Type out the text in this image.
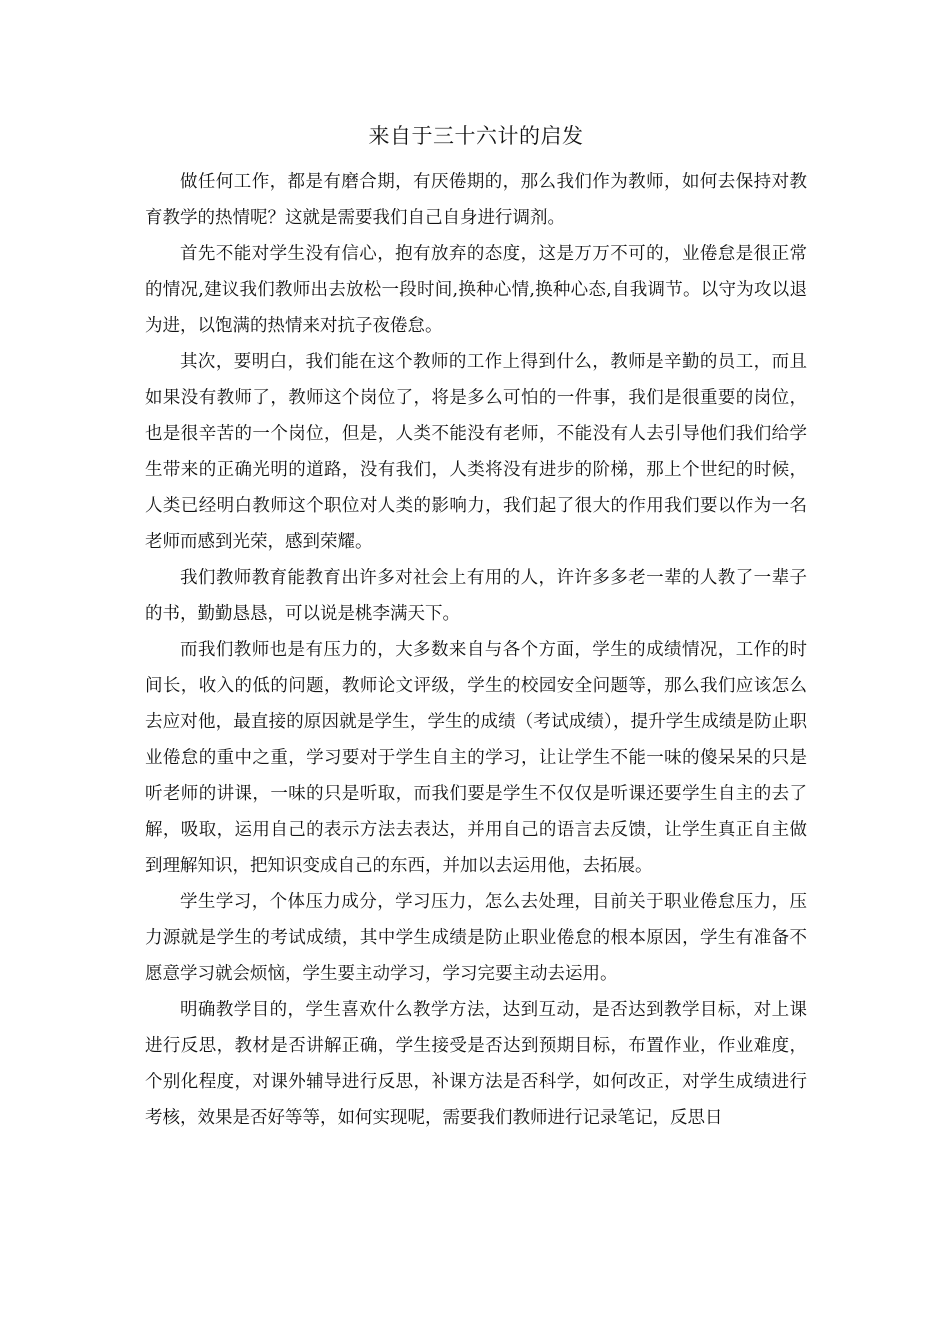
来自于三十六计的启发

做任何工作，都是有磨合期，有厌倦期的，那么我们作为教师，如何去保持对教育教学的热情呢？这就是需要我们自己自身进行调剂。

首先不能对学生没有信心，抱有放弃的态度，这是万万不可的，业倦怠是很正常的情况,建议我们教师出去放松一段时间,换种心情,换种心态,自我调节。以守为攻以退为进，以饱满的热情来对抗子夜倦怠。

其次，要明白，我们能在这个教师的工作上得到什么，教师是辛勤的员工，而且如果没有教师了，教师这个岗位了，将是多么可怕的一件事，我们是很重要的岗位，也是很辛苦的一个岗位，但是，人类不能没有老师，不能没有人去引导他们我们给学生带来的正确光明的道路，没有我们，人类将没有进步的阶梯，那上个世纪的时候，人类已经明白教师这个职位对人类的影响力，我们起了很大的作用我们要以作为一名老师而感到光荣，感到荣耀。

我们教师教育能教育出许多对社会上有用的人，许许多多老一辈的人教了一辈子的书，勤勤恳恳，可以说是桃李满天下。

而我们教师也是有压力的，大多数来自与各个方面，学生的成绩情况，工作的时间长，收入的低的问题，教师论文评级，学生的校园安全问题等，那么我们应该怎么去应对他，最直接的原因就是学生，学生的成绩（考试成绩），提升学生成绩是防止职业倦怠的重中之重，学习要对于学生自主的学习，让让学生不能一味的傻呆呆的只是听老师的讲课，一味的只是听取，而我们要是学生不仅仅是听课还要学生自主的去了解，吸取，运用自己的表示方法去表达，并用自己的语言去反馈，让学生真正自主做到理解知识，把知识变成自己的东西，并加以去运用他，去拓展。

学生学习，个体压力成分，学习压力，怎么去处理，目前关于职业倦怠压力，压力源就是学生的考试成绩，其中学生成绩是防止职业倦怠的根本原因，学生有准备不愿意学习就会烦恼，学生要主动学习，学习完要主动去运用。

明确教学目的，学生喜欢什么教学方法，达到互动，是否达到教学目标，对上课进行反思，教材是否讲解正确，学生接受是否达到预期目标，布置作业，作业难度，个别化程度，对课外辅导进行反思，补课方法是否科学，如何改正，对学生成绩进行考核，效果是否好等等，如何实现呢，需要我们教师进行记录笔记，反思日
